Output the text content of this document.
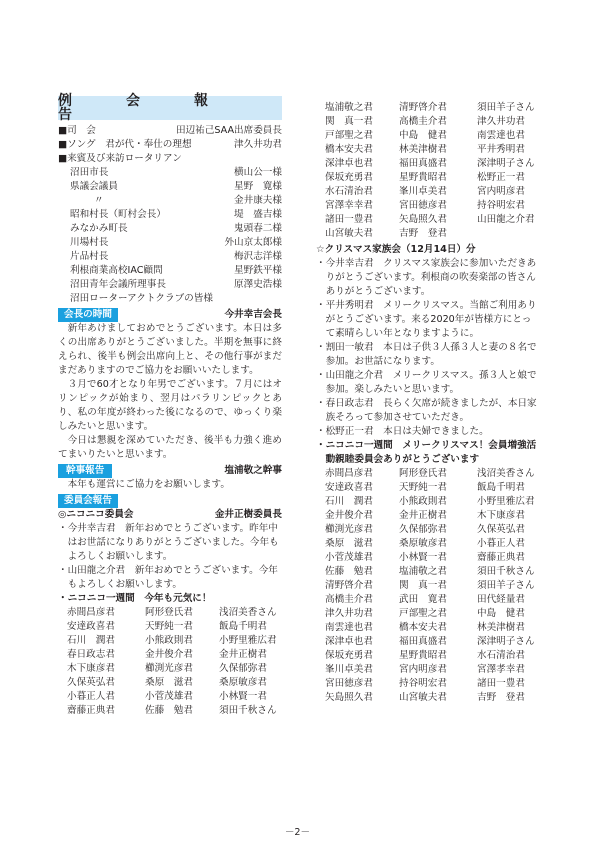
例　会　報　告
■司　会	田辺祐己SAA出席委員長
■ソング　君が代・奉仕の理想	津久井功君
■来賓及び来訪ロータリアン
沼田市長	横山公一様
県議会議員	星野　寛様
〃	金井康夫様
昭和村長（町村会長）	堤　盛吉様
みなかみ町長	鬼頭春二様
川場村長	外山京太郎様
片品村長	梅沢志洋様
利根商業高校IAC顧問	星野鉄平様
沼田青年会議所理事長	原澤史浩様
沼田ローターアクトクラブの皆様
会長の時間	今井幸吉会長
新年あけましておめでとうございます。本日は多くの出席ありがとうございました。半期を無事に終えられ、後半も例会出席向上と、その他行事がまだまだありますのでご協力をお願いいたします。
３月で60才となり年男でございます。７月にはオリンピックが始まり、翌月はパラリンピックとあり、私の年度が終わった後になるので、ゆっくり楽しみたいと思います。
今日は懇親を深めていただき、後半も力強く進めてまいりたいと思います。
幹事報告	塩浦敬之幹事
本年も運営にご協力をお願いします。
委員会報告
◎ニコニコ委員会	金井正樹委員長
・今井幸吉君　新年おめでとうございます。昨年中はお世話になりありがとうございました。今年もよろしくお願いします。
・山田龍之介君　新年おめでとうございます。今年もよろしくお願いします。
・ニコニコ一週間　今年も元気に！
赤間昌彦君	阿形登氏君	浅沼美香さん
安達政喜君	天野純一君	飯島千明君
石川　潤君	小熊政則君	小野里雅広君
春日政志君	金井俊介君	金井正樹君
木下康彦君	櫛渕光彦君	久保郁弥君
久保英弘君	桑原　滋君	桑原敏彦君
小暮正人君	小菅茂雄君	小林賢一君
齋藤正典君	佐藤　勉君	須田千秋さん
塩浦敬之君	清野啓介君	須田羊子さん
関　真一君	高橋圭介君	津久井功君
戸部聖之君	中島　健君	南雲達也君
橋本安夫君	林美津樹君	平井秀明君
深津卓也君	福田真盛君	深津明子さん
保坂充勇君	星野貴昭君	松野正一君
水石清治君	峯川卓美君	宮内明彦君
宮澤幸幸君	宮田徳彦君	持谷明宏君
諸田一豊君	矢島照久君	山田龍之介君
山宮敏夫君	吉野　登君
☆クリスマス家族会（12月14日）分
・今井幸吉君　クリスマス家族会に参加いただきありがとうございます。利根商の吹奏楽部の皆さんありがとうございます。
・平井秀明君　メリークリスマス。当館ご利用ありがとうございます。来る2020年が皆様方にとって素晴らしい年となりますように。
・割田一敏君　本日は子供３人孫３人と妻の８名で参加。お世話になります。
・山田龍之介君　メリークリスマス。孫３人と娘で参加。楽しみたいと思います。
・春日政志君　長らく欠席が続きましたが、本日家族そろって参加させていただき。
・松野正一君　本日は夫婦できました。
・ニコニコ一週間　メリークリスマス！会員増強活動親睦委員会ありがとうございます
赤間昌彦君	阿形登氏君	浅沼美香さん
安達政喜君	天野純一君	飯島千明君
石川　潤君	小熊政則君	小野里雅広君
金井俊介君	金井正樹君	木下康彦君
櫛渕光彦君	久保郁弥君	久保英弘君
桑原　滋君	桑原敏彦君	小暮正人君
小菅茂雄君	小林賢一君	齋藤正典君
佐藤　勉君	塩浦敬之君	須田千秋さん
清野啓介君	関　真一君	須田羊子さん
高橋圭介君	武田　寛君	田代経量君
津久井功君	戸部聖之君	中島　健君
南雲達也君	橋本安夫君	林美津樹君
深津卓也君	福田真盛君	深津明子さん
保坂充勇君	星野貴昭君	水石清治君
峯川卓美君	宮内明彦君	宮澤孝幸君
宮田徳彦君	持谷明宏君	諸田一豊君
矢島照久君	山宮敏夫君	吉野　登君
－2－
